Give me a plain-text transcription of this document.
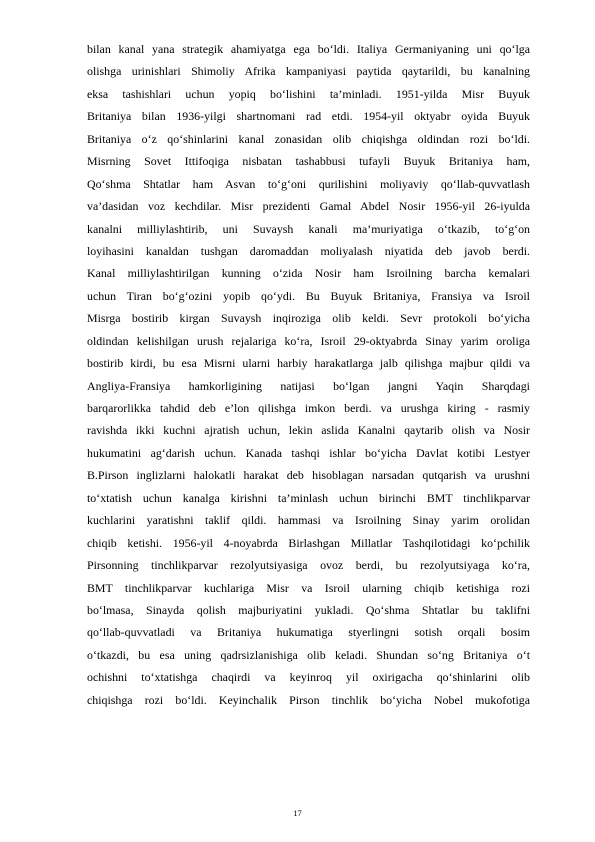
bilan kanal yana strategik ahamiyatga ega bo‘ldi. Italiya Germaniyaning uni qo‘lga
olishga urinishlari Shimoliy Afrika kampaniyasi paytida qaytarildi, bu kanalning
eksa tashishlari uchun yopiq bo‘lishini ta’minladi. 1951-yilda Misr Buyuk
Britaniya bilan 1936-yilgi shartnomani rad etdi. 1954-yil oktyabr oyida Buyuk
Britaniya o‘z qo‘shinlarini kanal zonasidan olib chiqishga oldindan rozi bo‘ldi.
Misrning Sovet Ittifoqiga nisbatan tashabbusi tufayli Buyuk Britaniya ham,
Qo‘shma Shtatlar ham Asvan to‘g‘oni qurilishini moliyaviy qo‘llab-quvvatlash
va’dasidan voz kechdilar. Misr prezidenti Gamal Abdel Nosir 1956-yil 26-iyulda
kanalni milliylashtirib, uni Suvaysh kanali ma’muriyatiga o‘tkazib, to‘g‘on
loyihasini kanaldan tushgan daromaddan moliyalash niyatida deb javob berdi.
Kanal milliylashtirilgan kunning o‘zida Nosir ham Isroilning barcha kemalari
uchun Tiran bo‘g‘ozini yopib qo‘ydi. Bu Buyuk Britaniya, Fransiya va Isroil
Misrga bostirib kirgan Suvaysh inqiroziga olib keldi. Sevr protokoli bo‘yicha
oldindan kelishilgan urush rejalariga ko‘ra, Isroil 29-oktyabrda Sinay yarim oroliga
bostirib kirdi, bu esa Misrni ularni harbiy harakatlarga jalb qilishga majbur qildi va
Angliya-Fransiya hamkorligining natijasi bo‘lgan jangni Yaqin Sharqdagi
barqarorlikka tahdid deb e’lon qilishga imkon berdi. va urushga kiring - rasmiy
ravishda ikki kuchni ajratish uchun, lekin aslida Kanalni qaytarib olish va Nosir
hukumatini ag‘darish uchun. Kanada tashqi ishlar bo‘yicha Davlat kotibi Lestyer
B.Pirson inglizlarni halokatli harakat deb hisoblagan narsadan qutqarish va urushni
to‘xtatish uchun kanalga kirishni ta’minlash uchun birinchi BMT tinchlikparvar
kuchlarini yaratishni taklif qildi. hammasi va Isroilning Sinay yarim orolidan
chiqib ketishi. 1956-yil 4-noyabrda Birlashgan Millatlar Tashqilotidagi ko‘pchilik
Pirsonning tinchlikparvar rezolyutsiyasiga ovoz berdi, bu rezolyutsiyaga ko‘ra,
BMT tinchlikparvar kuchlariga Misr va Isroil ularning chiqib ketishiga rozi
bo‘lmasa, Sinayda qolish majburiyatini yukladi. Qo‘shma Shtatlar bu taklifni
qo‘llab-quvvatladi va Britaniya hukumatiga styerlingni sotish orqali bosim
o‘tkazdi, bu esa uning qadrsizlanishiga olib keladi. Shundan so‘ng Britaniya o‘t
ochishni to‘xtatishga chaqirdi va keyinroq yil oxirigacha qo‘shinlarini olib
chiqishga rozi bo‘ldi. Keyinchalik Pirson tinchlik bo‘yicha Nobel mukofotiga
17
